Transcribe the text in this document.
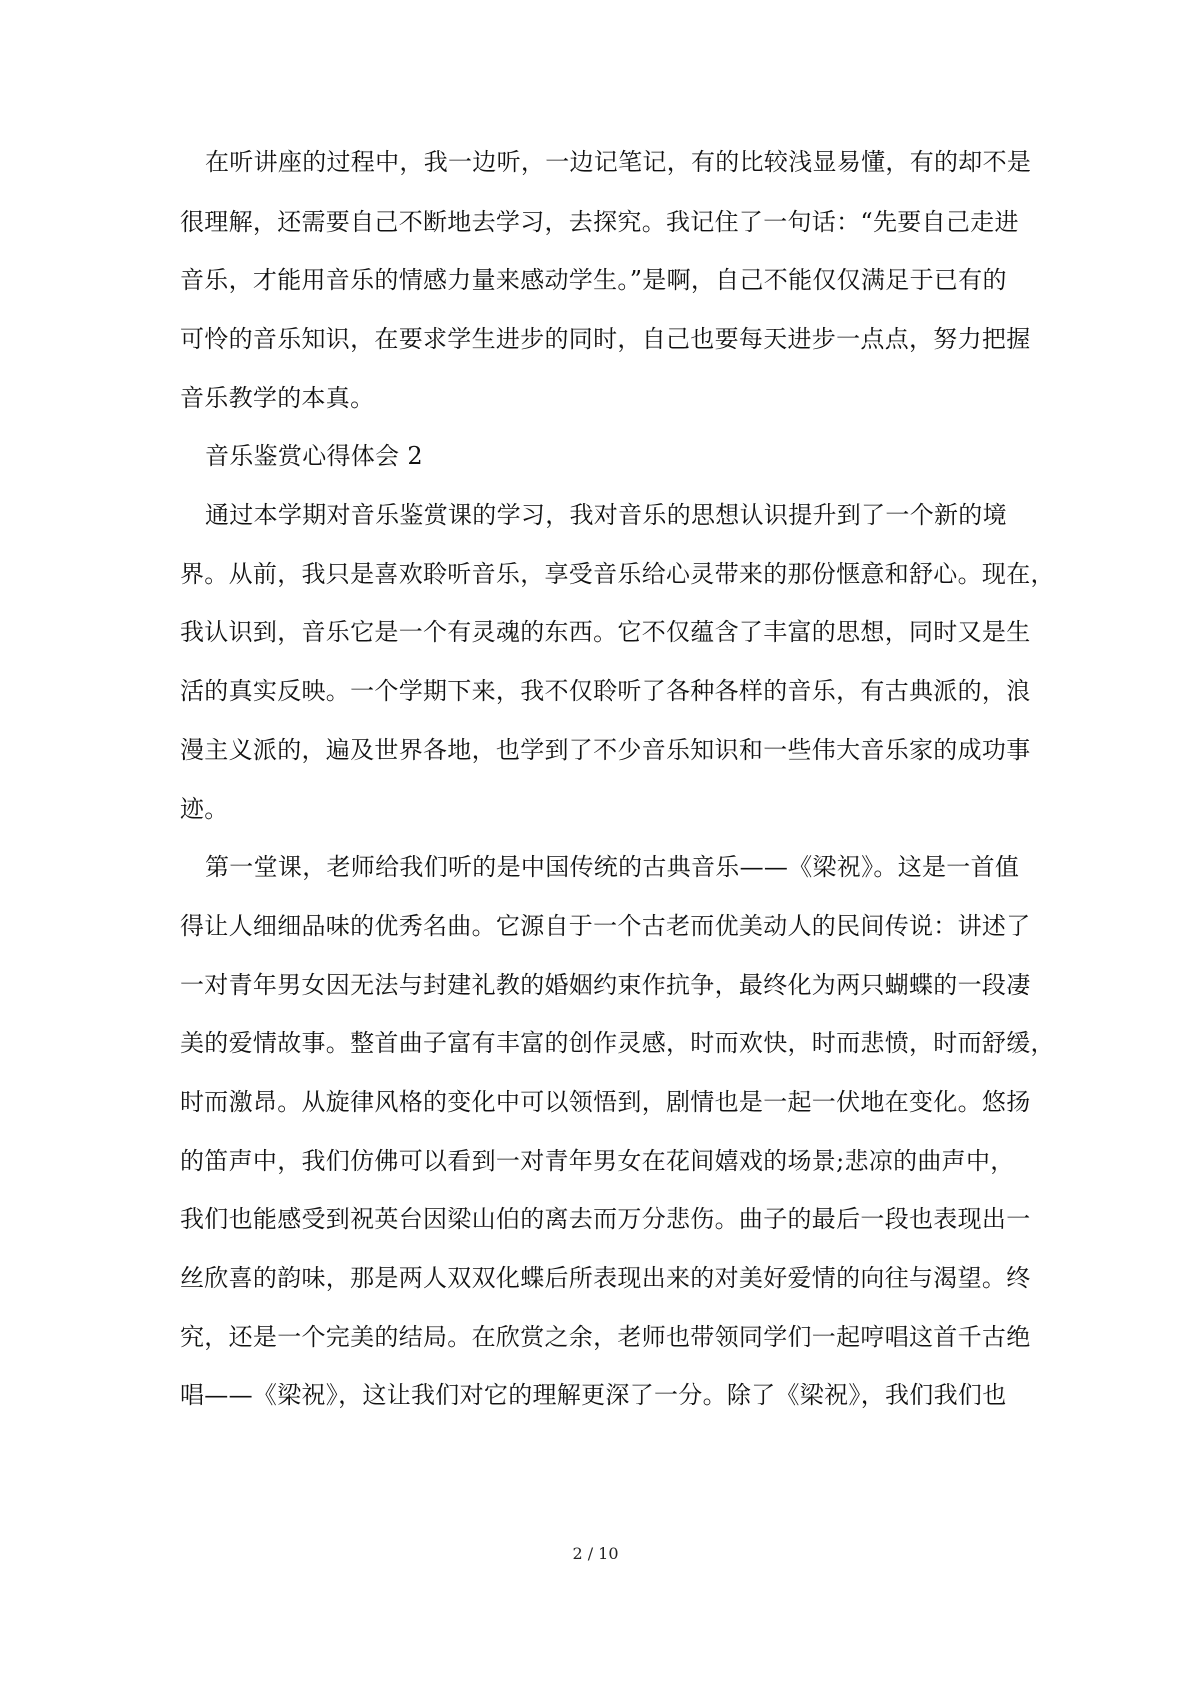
在听讲座的过程中，我一边听，一边记笔记，有的比较浅显易懂，有的却不是
很理解，还需要自己不断地去学习，去探究。我记住了一句话：“先要自己走进
音乐，才能用音乐的情感力量来感动学生。”是啊，自己不能仅仅满足于已有的
可怜的音乐知识，在要求学生进步的同时，自己也要每天进步一点点，努力把握
音乐教学的本真。
音乐鉴赏心得体会 2
通过本学期对音乐鉴赏课的学习，我对音乐的思想认识提升到了一个新的境
界。从前，我只是喜欢聆听音乐，享受音乐给心灵带来的那份惬意和舒心。现在，
我认识到，音乐它是一个有灵魂的东西。它不仅蕴含了丰富的思想，同时又是生
活的真实反映。一个学期下来，我不仅聆听了各种各样的音乐，有古典派的，浪
漫主义派的，遍及世界各地，也学到了不少音乐知识和一些伟大音乐家的成功事
迹。
第一堂课，老师给我们听的是中国传统的古典音乐——《梁祝》。这是一首值
得让人细细品味的优秀名曲。它源自于一个古老而优美动人的民间传说：讲述了
一对青年男女因无法与封建礼教的婚姻约束作抗争，最终化为两只蝴蝶的一段凄
美的爱情故事。整首曲子富有丰富的创作灵感，时而欢快，时而悲愤，时而舒缓，
时而激昂。从旋律风格的变化中可以领悟到，剧情也是一起一伏地在变化。悠扬
的笛声中，我们仿佛可以看到一对青年男女在花间嬉戏的场景;悲凉的曲声中，
我们也能感受到祝英台因梁山伯的离去而万分悲伤。曲子的最后一段也表现出一
丝欣喜的韵味，那是两人双双化蝶后所表现出来的对美好爱情的向往与渴望。终
究，还是一个完美的结局。在欣赏之余，老师也带领同学们一起哼唱这首千古绝
唱——《梁祝》，这让我们对它的理解更深了一分。除了《梁祝》，我们我们也
2 / 10
